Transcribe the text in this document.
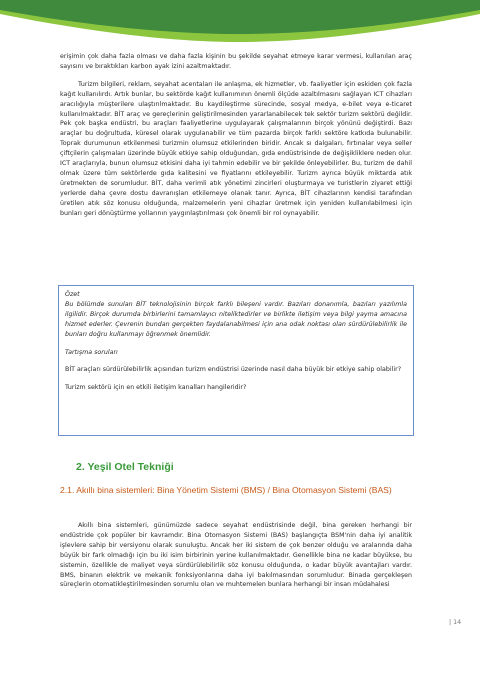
erişimin çok daha fazla olması ve daha fazla kişinin bu şekilde seyahat etmeye karar vermesi, kullanılan araç sayısını ve bıraktıkları karbon ayak izini azaltmaktadır.

Turizm bilgileri, reklam, seyahat acentaları ile anlaşma, ek hizmetler, vb. faaliyetler için eskiden çok fazla kağıt kullanılırdı. Artık bunlar, bu sektörde kağıt kullanımının önemli ölçüde azaltılmasını sağlayan ICT cihazları aracılığıyla müşterilere ulaştırılmaktadır. Bu kaydileştirme sürecinde, sosyal medya, e-bilet veya e-ticaret kullanılmaktadır. BİT araç ve gereçlerinin geliştirilmesinden yararlanabilecek tek sektör turizm sektörü değildir. Pek çok başka endüstri, bu araçları faaliyetlerine uygulayarak çalışmalarının birçok yönünü değiştirdi. Bazı araçlar bu doğrultuda, küresel olarak uygulanabilir ve tüm pazarda birçok farklı sektöre katkıda bulunabilir. Toprak durumunun etkilenmesi turizmin olumsuz etkilerinden biridir. Ancak sı dalgaları, fırtınalar veya seller çiftçilerin çalışmaları üzerinde büyük etkiye sahip olduğundan, gıda endüstrisinde de değişikliklere neden olur. ICT araçlarıyla, bunun olumsuz etkisini daha iyi tahmin edebilir ve bir şekilde önleyebilirler. Bu, turizm de dahil olmak üzere tüm sektörlerde gıda kalitesini ve fiyatlarını etkileyebilir. Turizm ayrıca büyük miktarda atık üretmekten de sorumludur. BİT, daha verimli atık yönetimi zincirleri oluşturmaya ve turistlerin ziyaret ettiği yerlerde daha çevre dostu davranışları etkilemeye olanak tanır. Ayrıca, BİT cihazlarının kendisi tarafından üretilen atık söz konusu olduğunda, malzemelerin yeni cihazlar üretmek için yeniden kullanılabilmesi için bunları geri dönüştürme yollarının yaygınlaştırılması çok önemli bir rol oynayabilir.

Özet

Bu bölümde sunulan BİT teknolojisinin birçok farklı bileşeni vardır. Bazıları donanımla, bazıları yazılımla ilgilidir. Birçok durumda birbirlerini tamamlayıcı niteliktedirler ve birlikte iletişim veya bilgi yayma amacına hizmet ederler. Çevrenin bundan gerçekten faydalanabilmesi için ana odak noktası olan sürdürülebilirlik ile bunları doğru kullanmayı öğrenmek önemlidir.

Tartışma soruları

BİT araçları sürdürülebilirlik açısından turizm endüstrisi üzerinde nasıl daha büyük bir etkiye sahip olabilir?

Turizm sektörü için en etkili iletişim kanalları hangileridir?

2. Yeşil Otel Tekniği
2.1. Akıllı bina sistemleri: Bina Yönetim Sistemi (BMS) / Bina Otomasyon Sistemi (BAS)

Akıllı bina sistemleri, günümüzde sadece seyahat endüstrisinde değil, bina gereken herhangi bir endüstride çok popüler bir kavramdır. Bina Otomasyon Sistemi (BAS) başlangıçta BSM'nin daha iyi analitik işlevlere sahip bir versiyonu olarak sunuluştu. Ancak her iki sistem de çok benzer olduğu ve aralarında daha büyük bir fark olmadığı için bu iki isim birbirinin yerine kullanılmaktadır. Genellikle bina ne kadar büyükse, bu sistemin, özellikle de maliyet veya sürdürülebilirlik söz konusu olduğunda, o kadar büyük avantajları vardır. BMS, binanın elektrik ve mekanik fonksiyonlarına daha iyi bakılmasından sorumludur. Binada gerçekleşen süreçlerin otomatikleştirilmesinden sorumlu olan ve muhtemelen bunlara herhangi bir insan müdahalesi

| 14
